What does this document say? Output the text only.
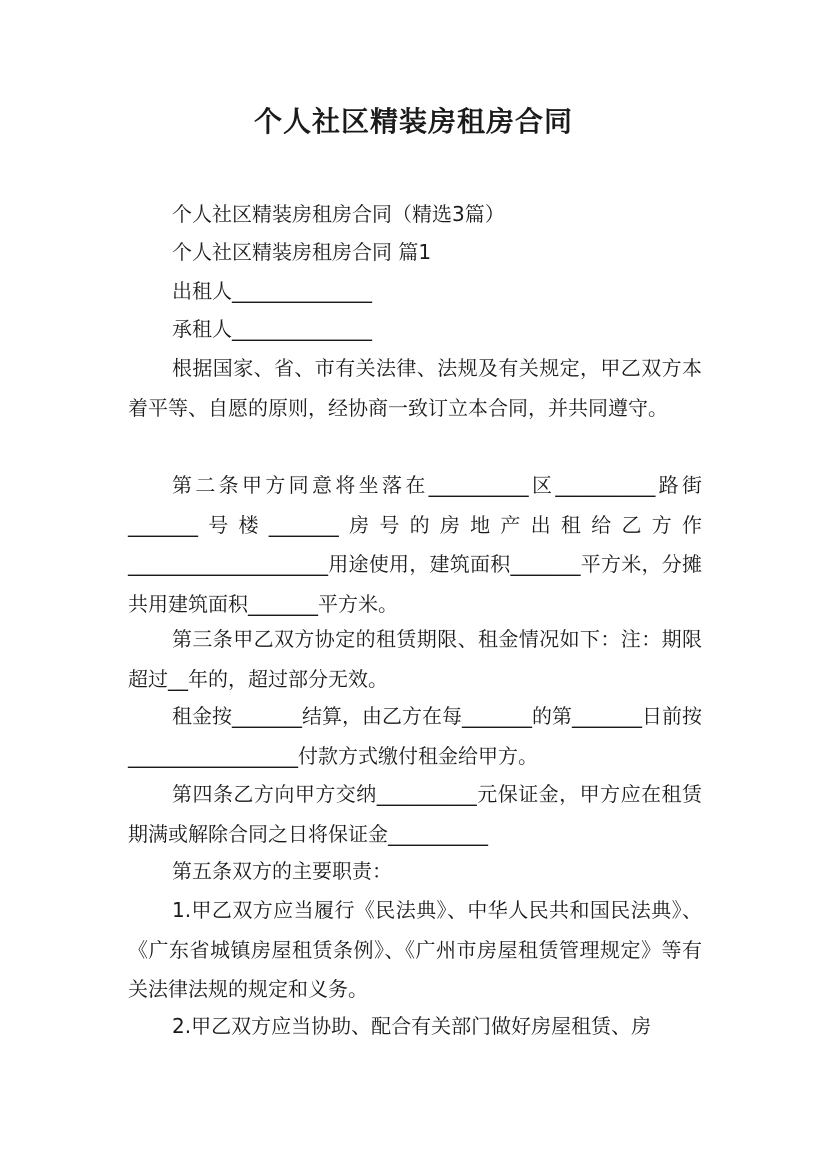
个人社区精装房租房合同
个人社区精装房租房合同（精选3篇）
个人社区精装房租房合同 篇1
出租人______________
承租人______________
根据国家、省、市有关法律、法规及有关规定，甲乙双方本着平等、自愿的原则，经协商一致订立本合同，并共同遵守。
第二条甲方同意将坐落在__________区__________路街_______号楼_______房号的房地产出租给乙方作____________________用途使用，建筑面积_______平方米，分摊共用建筑面积_______平方米。
第三条甲乙双方协定的租赁期限、租金情况如下：注：期限超过__年的，超过部分无效。
租金按_______结算，由乙方在每_______的第_______日前按_________________付款方式缴付租金给甲方。
第四条乙方向甲方交纳__________元保证金，甲方应在租赁期满或解除合同之日将保证金__________
第五条双方的主要职责：
1.甲乙双方应当履行《民法典》、中华人民共和国民法典》、《广东省城镇房屋租赁条例》、《广州市房屋租赁管理规定》等有关法律法规的规定和义务。
2.甲乙双方应当协助、配合有关部门做好房屋租赁、房
